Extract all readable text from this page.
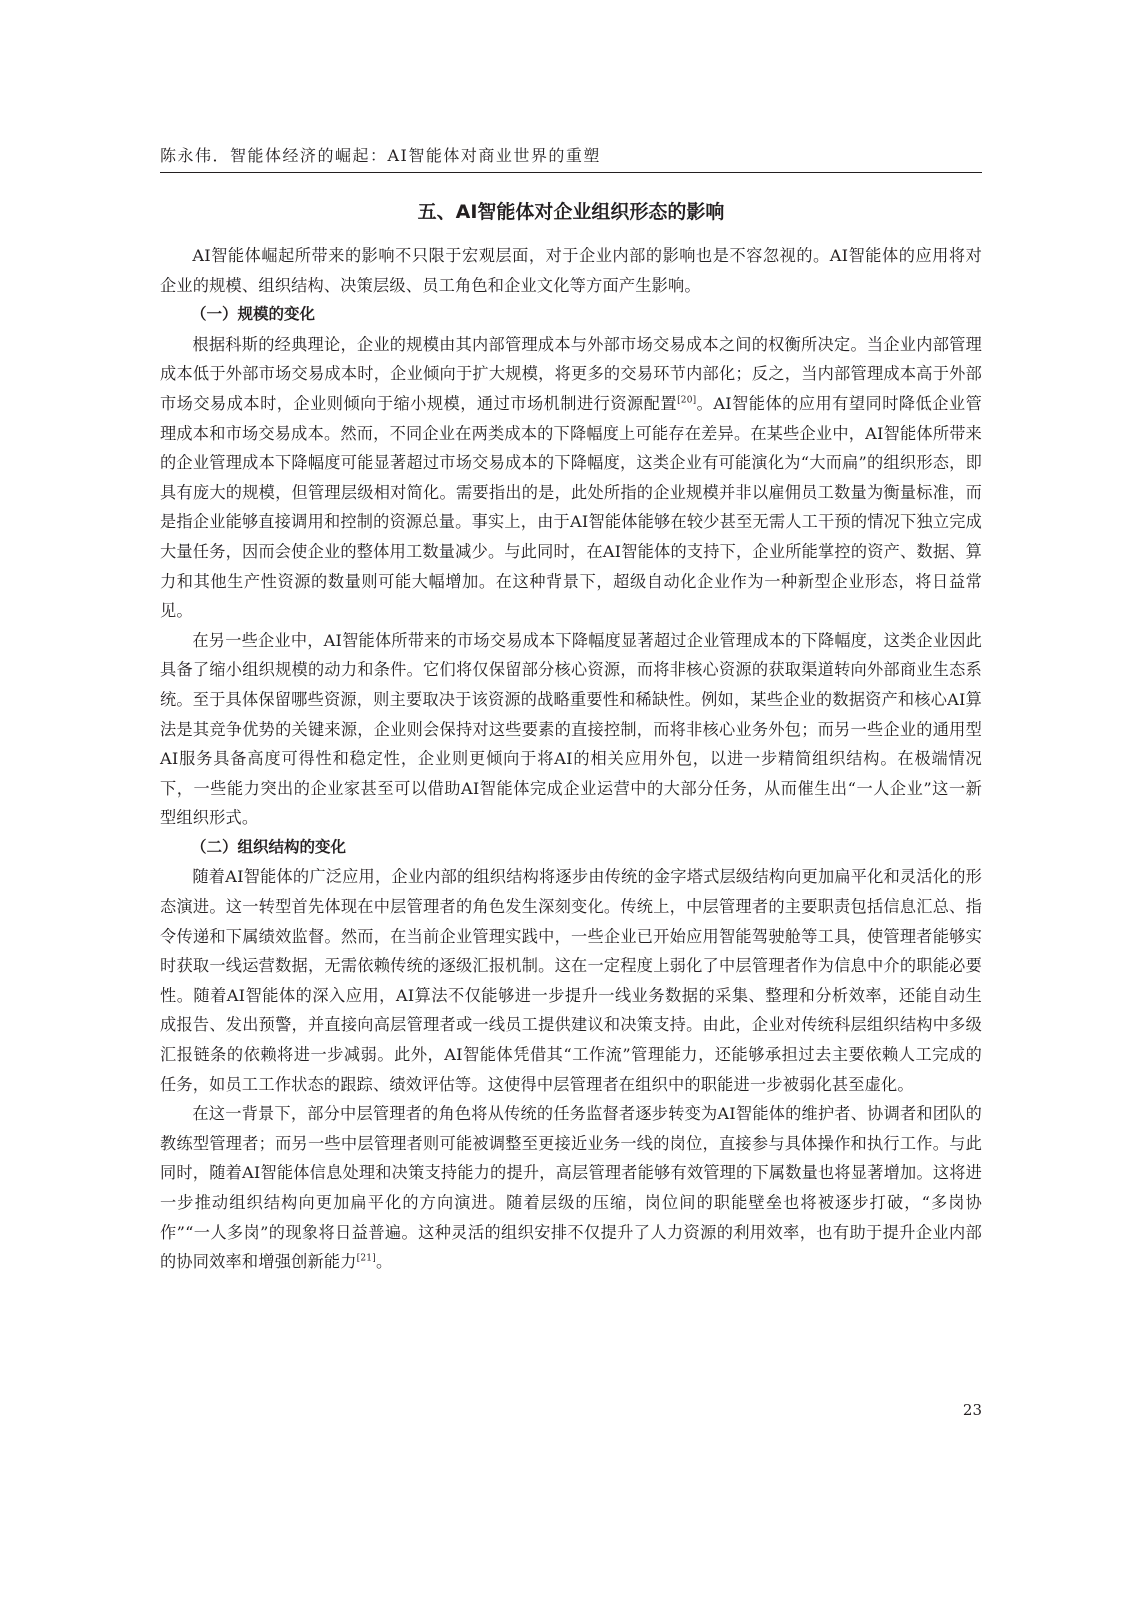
陈永伟．智能体经济的崛起：AI智能体对商业世界的重塑
五、AI智能体对企业组织形态的影响

AI智能体崛起所带来的影响不只限于宏观层面，对于企业内部的影响也是不容忽视的。AI智能体的应用将对企业的规模、组织结构、决策层级、员工角色和企业文化等方面产生影响。

（一）规模的变化

根据科斯的经典理论，企业的规模由其内部管理成本与外部市场交易成本之间的权衡所决定。当企业内部管理成本低于外部市场交易成本时，企业倾向于扩大规模，将更多的交易环节内部化；反之，当内部管理成本高于外部市场交易成本时，企业则倾向于缩小规模，通过市场机制进行资源配置[20]。AI智能体的应用有望同时降低企业管理成本和市场交易成本。然而，不同企业在两类成本的下降幅度上可能存在差异。在某些企业中，AI智能体所带来的企业管理成本下降幅度可能显著超过市场交易成本的下降幅度，这类企业有可能演化为“大而扁”的组织形态，即具有庞大的规模，但管理层级相对简化。需要指出的是，此处所指的企业规模并非以雇佣员工数量为衡量标准，而是指企业能够直接调用和控制的资源总量。事实上，由于AI智能体能够在较少甚至无需人工干预的情况下独立完成大量任务，因而会使企业的整体用工数量减少。与此同时，在AI智能体的支持下，企业所能掌控的资产、数据、算力和其他生产性资源的数量则可能大幅增加。在这种背景下，超级自动化企业作为一种新型企业形态，将日益常见。

在另一些企业中，AI智能体所带来的市场交易成本下降幅度显著超过企业管理成本的下降幅度，这类企业因此具备了缩小组织规模的动力和条件。它们将仅保留部分核心资源，而将非核心资源的获取渠道转向外部商业生态系统。至于具体保留哪些资源，则主要取决于该资源的战略重要性和稀缺性。例如，某些企业的数据资产和核心AI算法是其竞争优势的关键来源，企业则会保持对这些要素的直接控制，而将非核心业务外包；而另一些企业的通用型AI服务具备高度可得性和稳定性，企业则更倾向于将AI的相关应用外包，以进一步精简组织结构。在极端情况下，一些能力突出的企业家甚至可以借助AI智能体完成企业运营中的大部分任务，从而催生出“一人企业”这一新型组织形式。

（二）组织结构的变化

随着AI智能体的广泛应用，企业内部的组织结构将逐步由传统的金字塔式层级结构向更加扁平化和灵活化的形态演进。这一转型首先体现在中层管理者的角色发生深刻变化。传统上，中层管理者的主要职责包括信息汇总、指令传递和下属绩效监督。然而，在当前企业管理实践中，一些企业已开始应用智能驾驶舱等工具，使管理者能够实时获取一线运营数据，无需依赖传统的逐级汇报机制。这在一定程度上弱化了中层管理者作为信息中介的职能必要性。随着AI智能体的深入应用，AI算法不仅能够进一步提升一线业务数据的采集、整理和分析效率，还能自动生成报告、发出预警，并直接向高层管理者或一线员工提供建议和决策支持。由此，企业对传统科层组织结构中多级汇报链条的依赖将进一步减弱。此外，AI智能体凭借其“工作流”管理能力，还能够承担过去主要依赖人工完成的任务，如员工工作状态的跟踪、绩效评估等。这使得中层管理者在组织中的职能进一步被弱化甚至虚化。

在这一背景下，部分中层管理者的角色将从传统的任务监督者逐步转变为AI智能体的维护者、协调者和团队的教练型管理者；而另一些中层管理者则可能被调整至更接近业务一线的岗位，直接参与具体操作和执行工作。与此同时，随着AI智能体信息处理和决策支持能力的提升，高层管理者能够有效管理的下属数量也将显著增加。这将进一步推动组织结构向更加扁平化的方向演进。随着层级的压缩，岗位间的职能壁垒也将被逐步打破，“多岗协作”“一人多岗”的现象将日益普遍。这种灵活的组织安排不仅提升了人力资源的利用效率，也有助于提升企业内部的协同效率和增强创新能力[21]。

23
